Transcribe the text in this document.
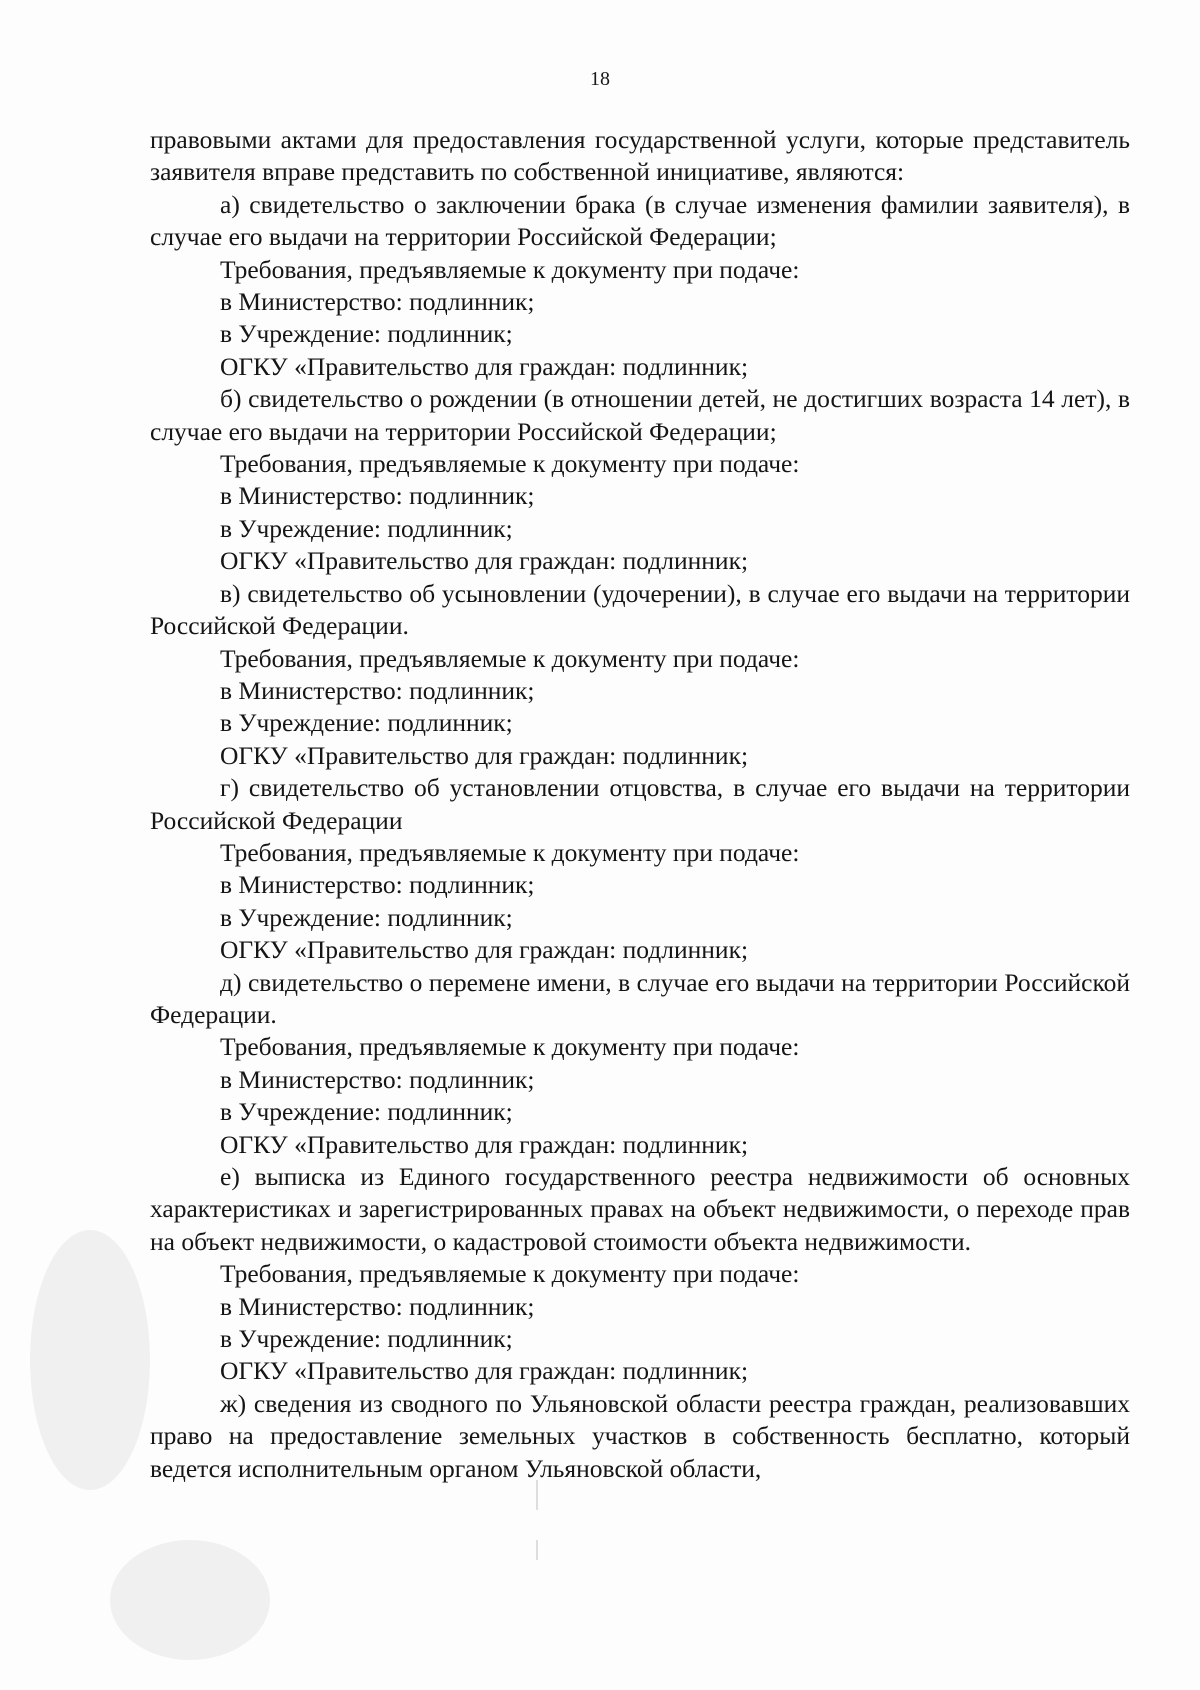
18

правовыми актами для предоставления государственной услуги, которые представитель заявителя вправе представить по собственной инициативе, являются:

а) свидетельство о заключении брака (в случае изменения фамилии заявителя), в случае его выдачи на территории Российской Федерации;

Требования, предъявляемые к документу при подаче:

в Министерство: подлинник;

в Учреждение: подлинник;

ОГКУ «Правительство для граждан: подлинник;

б) свидетельство о рождении (в отношении детей, не достигших возраста 14 лет), в случае его выдачи на территории Российской Федерации;

Требования, предъявляемые к документу при подаче:

в Министерство: подлинник;

в Учреждение: подлинник;

ОГКУ «Правительство для граждан: подлинник;

в) свидетельство об усыновлении (удочерении), в случае его выдачи на территории Российской Федерации.

Требования, предъявляемые к документу при подаче:

в Министерство: подлинник;

в Учреждение: подлинник;

ОГКУ «Правительство для граждан: подлинник;

г) свидетельство об установлении отцовства, в случае его выдачи на территории Российской Федерации

Требования, предъявляемые к документу при подаче:

в Министерство: подлинник;

в Учреждение: подлинник;

ОГКУ «Правительство для граждан: подлинник;

д) свидетельство о перемене имени, в случае его выдачи на территории Российской Федерации.

Требования, предъявляемые к документу при подаче:

в Министерство: подлинник;

в Учреждение: подлинник;

ОГКУ «Правительство для граждан: подлинник;

е) выписка из Единого государственного реестра недвижимости об основных характеристиках и зарегистрированных правах на объект недвижимости, о переходе прав на объект недвижимости, о кадастровой стоимости объекта недвижимости.

Требования, предъявляемые к документу при подаче:

в Министерство: подлинник;

в Учреждение: подлинник;

ОГКУ «Правительство для граждан: подлинник;

ж) сведения из сводного по Ульяновской области реестра граждан, реализовавших право на предоставление земельных участков в собственность бесплатно, который ведется исполнительным органом Ульяновской области,
